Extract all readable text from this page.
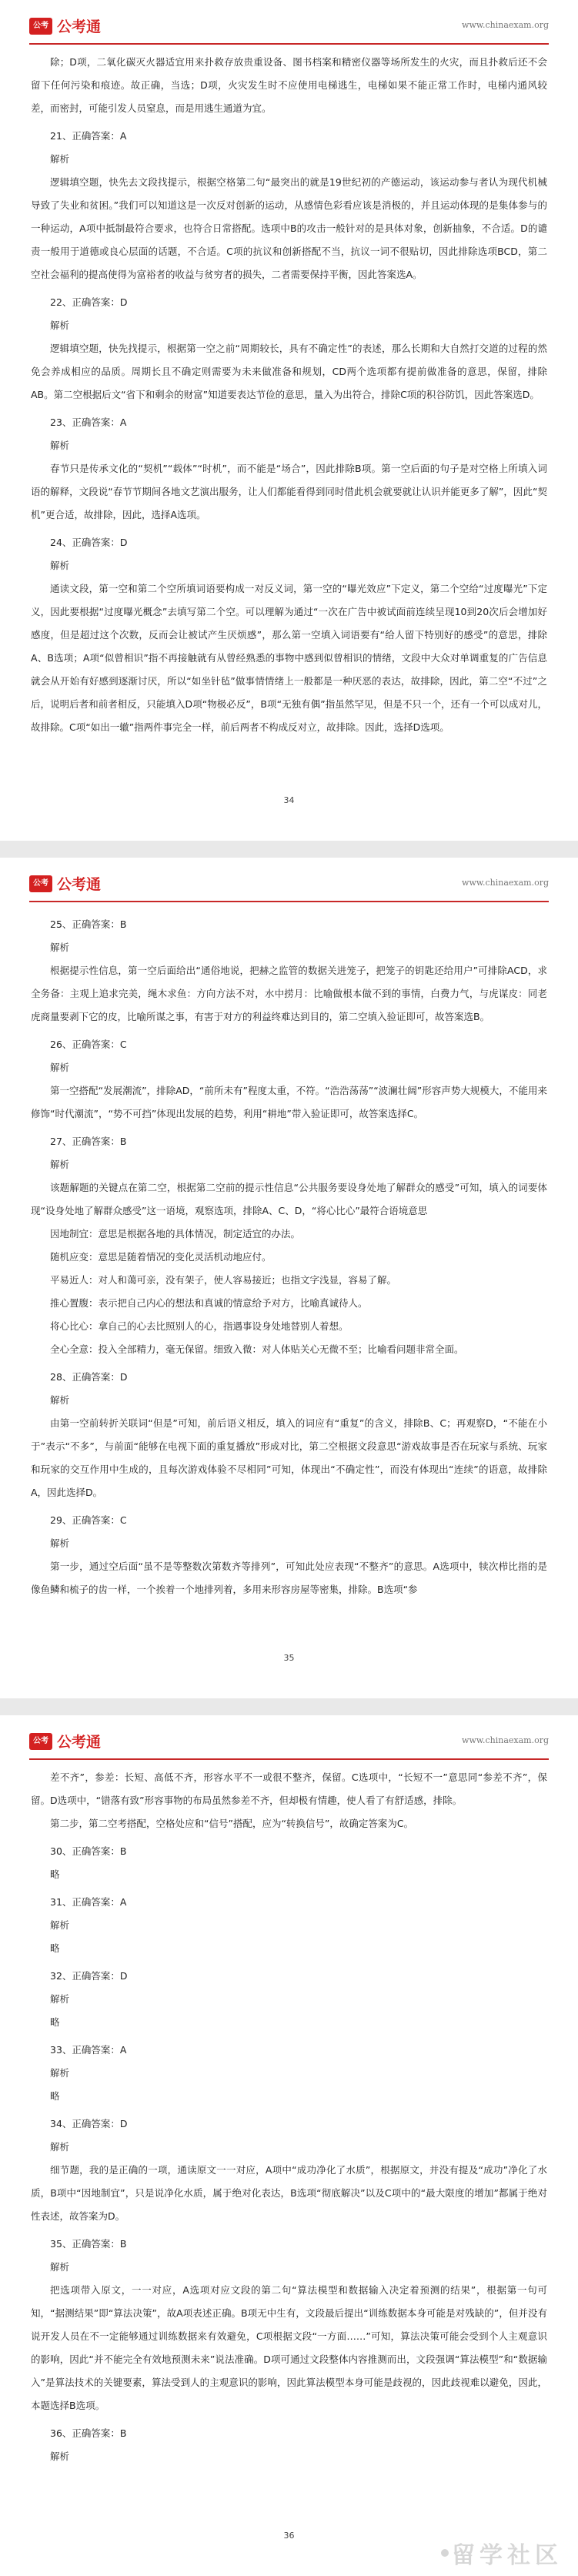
公考 公考通	www.chinaexam.org

除；D项，二氧化碳灭火器适宜用来扑救存放贵重设备、图书档案和精密仪器等场所发生的火灾，而且扑救后还不会留下任何污染和痕迹。故正确，当选；D项，火灾发生时不应使用电梯逃生，电梯如果不能正常工作时，电梯内通风较差，而密封，可能引发人员窒息，而是用逃生通道为宜。

21、正确答案：A

解析

逻辑填空题，快先去文段找提示，根据空格第二句“最突出的就是19世纪初的产德运动，该运动参与者认为现代机械导致了失业和贫困。”我们可以知道这是一次反对创新的运动，从感情色彩看应该是消极的，并且运动体现的是集体参与的一种运动，A项中抵制最符合要求，也符合日常搭配。选项中B的攻击一般针对的是具体对象，创新抽象，不合适。D的谴责一般用于道德或良心层面的话题，不合适。C项的抗议和创新搭配不当，抗议一词不很贴切，因此排除选项BCD，第二空社会福利的提高使得为富裕者的收益与贫穷者的损失，二者需要保持平衡，因此答案选A。

22、正确答案：D

解析

逻辑填空题，快先找提示，根据第一空之前“周期较长，具有不确定性”的表述，那么长期和大自然打交道的过程的然免会养成相应的品质。周期长且不确定则需要为未来做准备和规划，CD两个选项都有提前做准备的意思，保留，排除AB。第二空根据后文“省下和剩余的财富”知道要表达节俭的意思，量入为出符合，排除C项的积谷防饥，因此答案选D。

23、正确答案：A

解析

春节只是传承文化的“契机”“载体”“时机”，而不能是“场合”，因此排除B项。第一空后面的句子是对空格上所填入词语的解释，文段说“春节节期间各地文艺演出服务，让人们都能看得到同时借此机会就要就让认识并能更多了解”，因此“契机”更合适，故排除，因此，选择A选项。

24、正确答案：D

解析

通读文段，第一空和第二个空所填词语要构成一对反义词，第一空的“曝光效应”下定义，第二个空给“过度曝光”下定义，因此要根据“过度曝光概念”去填写第二个空。可以理解为通过“一次在广告中被试面前连续呈现10到20次后会增加好感度，但是超过这个次数，反而会让被试产生厌烦感”，那么第一空填入词语要有“给人留下特别好的感受”的意思，排除A、B选项；A项“似曾相识”指不再接触就有从曾经熟悉的事物中感到似曾相识的情绪，文段中大众对单调重复的广告信息就会从开始有好感到逐渐讨厌，所以“如坐针毡”做事情情绪上一般都是一种厌恶的表达，故排除，因此，第二空“不过”之后，说明后者和前者相反，只能填入D项“物极必反”，B项“无独有偶”指虽然罕见，但是不只一个，还有一个可以成对儿，故排除。C项“如出一辙”指两件事完全一样，前后两者不构成反对立，故排除。因此，选择D选项。

34
公考 公考通	www.chinaexam.org

25、正确答案：B

解析

根据提示性信息，第一空后面给出“通俗地说，把赫之监管的数据关进笼子，把笼子的钥匙还给用户”可排除ACD，求全务备：主观上追求完美，绳木求鱼：方向方法不对，水中捞月：比喻做根本做不到的事情，白费力气，与虎谋皮：同老虎商量要剥下它的皮，比喻所谋之事，有害于对方的利益终难达到目的，第二空填入验证即可，故答案选B。

26、正确答案：C

解析

第一空搭配“发展潮流”，排除AD，“前所未有”程度太重，不符。“浩浩荡荡”“波澜壮阔”形容声势大规模大，不能用来修饰“时代潮流”，“势不可挡”体现出发展的趋势，利用“耕地”带入验证即可，故答案选择C。

27、正确答案：B

解析

该题解题的关键点在第二空，根据第二空前的提示性信息“公共服务要设身处地了解群众的感受”可知，填入的词要体现“设身处地了解群众感受”这一语境，观察选项，排除A、C、D，“将心比心”最符合语境意思

因地制宜：意思是根据各地的具体情况，制定适宜的办法。

随机应变：意思是随着情况的变化灵活机动地应付。

平易近人：对人和蔼可亲，没有架子，使人容易接近；也指文字浅显，容易了解。

推心置腹：表示把自己内心的想法和真诚的情意给予对方，比喻真诚待人。

将心比心：拿自己的心去比照别人的心，指遇事设身处地替别人着想。

全心全意：投入全部精力，毫无保留。细致入微：对人体贴关心无微不至；比喻看问题非常全面。

28、正确答案：D

解析

由第一空前转折关联词“但是”可知，前后语义相反，填入的词应有“重复”的含义，排除B、C；再观察D，“不能在小于”表示“不多”，与前面“能够在电视下面的重复播放”形成对比，第二空根据文段意思“游戏故事是否在玩家与系统、玩家和玩家的交互作用中生成的，且每次游戏体验不尽相同”可知，体现出“不确定性”，而没有体现出“连续”的语意，故排除A，因此选择D。

29、正确答案：C

解析

第一步，通过空后面“虽不是等整数次第数齐等排列”，可知此处应表现“不整齐”的意思。A选项中，犊次栉比指的是像鱼鳞和梳子的齿一样，一个挨着一个地排列着，多用来形容房屋等密集，排除。B选项“参

35
公考 公考通	www.chinaexam.org

差不齐”，参差：长短、高低不齐，形容水平不一或很不整齐，保留。C选项中，“长短不一”意思同“参差不齐”，保留。D选项中，“错落有致”形容事物的布局虽然参差不齐，但却极有情趣，使人看了有舒适感，排除。

第二步，第二空考搭配，空格处应和“信号”搭配，应为“转换信号”，故确定答案为C。

30、正确答案：B

略

31、正确答案：A

解析

略

32、正确答案：D

解析

略

33、正确答案：A

解析

略

34、正确答案：D

解析

细节题，我的是正确的一项，通读原文一一对应，A项中“成功净化了水质”，根据原文，并没有提及“成功”净化了水质，B项中“因地制宜”，只是说净化水质，属于绝对化表达，B选项“彻底解决”以及C项中的“最大限度的增加”都属于绝对性表述，故答案为D。

35、正确答案：B

解析

把选项带入原文，一一对应，A选项对应文段的第二句“算法模型和数据输入决定着预测的结果”，根据第一句可知，“据测结果”即“算法决策”，故A项表述正确。B项无中生有，文段最后提出“训练数据本身可能是对残缺的”，但并没有说开发人员在不一定能够通过训练数据来有效避免，C项根据文段“一方面……”可知，算法决策可能会受到个人主观意识的影响，因此“并不能完全有效地预测未来”说法准确。D项可通过文段整体内容推测而出，文段强调“算法模型”和“数据输入”是算法技术的关键要素，算法受到人的主观意识的影响，因此算法模型本身可能是歧视的，因此歧视难以避免，因此，本题选择B选项。

36、正确答案：B

解析

36
留学社区
